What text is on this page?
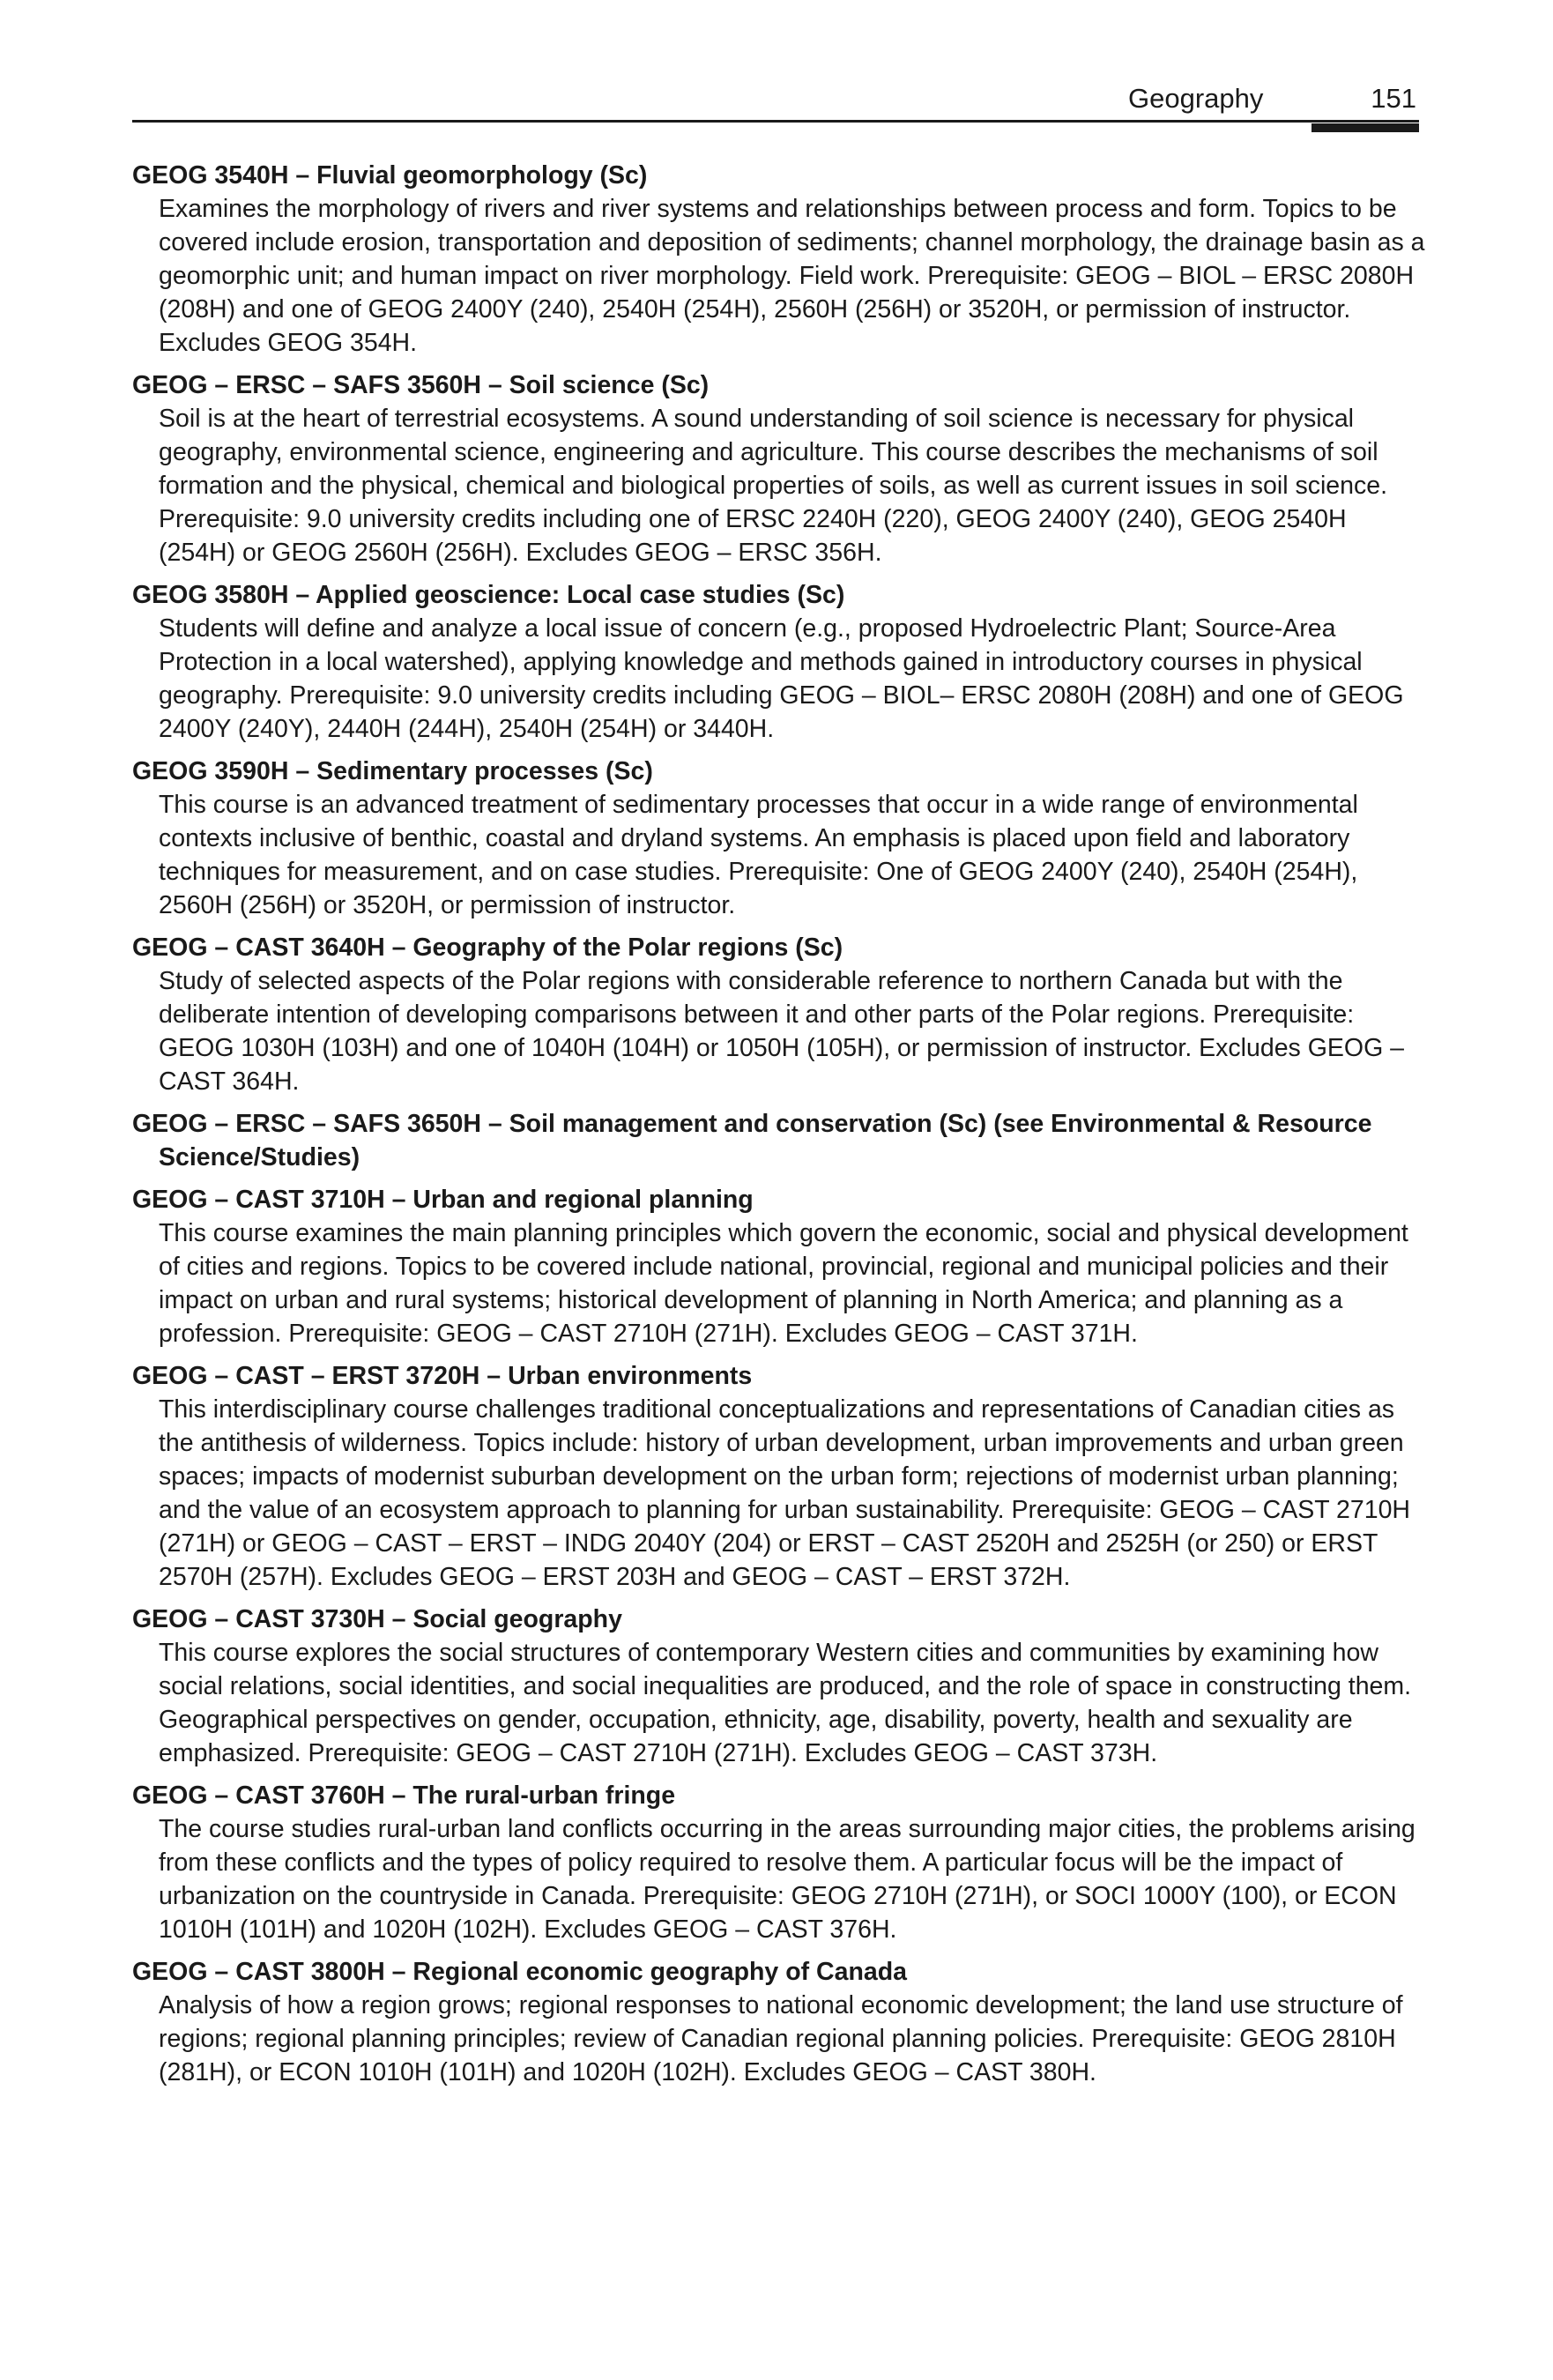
Geography	151

GEOG 3540H – Fluvial geomorphology (Sc)

Examines the morphology of rivers and river systems and relationships between process and form. Topics to be covered include erosion, transportation and deposition of sediments; channel morphology, the drainage basin as a geomorphic unit; and human impact on river morphology. Field work. Prerequisite: GEOG – BIOL – ERSC 2080H (208H) and one of GEOG 2400Y (240), 2540H (254H), 2560H (256H) or 3520H, or permission of instructor. Excludes GEOG 354H.

GEOG – ERSC – SAFS 3560H – Soil science (Sc)

Soil is at the heart of terrestrial ecosystems. A sound understanding of soil science is necessary for physical geography, environmental science, engineering and agriculture. This course describes the mechanisms of soil formation and the physical, chemical and biological properties of soils, as well as current issues in soil science. Prerequisite: 9.0 university credits including one of ERSC 2240H (220), GEOG 2400Y (240), GEOG 2540H (254H) or GEOG 2560H (256H). Excludes GEOG – ERSC 356H.

GEOG 3580H – Applied geoscience: Local case studies (Sc)

Students will define and analyze a local issue of concern (e.g., proposed Hydroelectric Plant; Source-Area Protection in a local watershed), applying knowledge and methods gained in introductory courses in physical geography. Prerequisite: 9.0 university credits including GEOG – BIOL– ERSC 2080H (208H) and one of GEOG 2400Y (240Y), 2440H (244H), 2540H (254H) or 3440H.

GEOG 3590H – Sedimentary processes (Sc)

This course is an advanced treatment of sedimentary processes that occur in a wide range of environmental contexts inclusive of benthic, coastal and dryland systems. An emphasis is placed upon field and laboratory techniques for measurement, and on case studies. Prerequisite: One of GEOG 2400Y (240), 2540H (254H), 2560H (256H) or 3520H, or permission of instructor.

GEOG – CAST 3640H – Geography of the Polar regions (Sc)

Study of selected aspects of the Polar regions with considerable reference to northern Canada but with the deliberate intention of developing comparisons between it and other parts of the Polar regions. Prerequisite: GEOG 1030H (103H) and one of 1040H (104H) or 1050H (105H), or permission of instructor. Excludes GEOG – CAST 364H.

GEOG – ERSC – SAFS 3650H – Soil management and conservation (Sc) (see Environmental & Resource Science/Studies)

GEOG – CAST 3710H – Urban and regional planning

This course examines the main planning principles which govern the economic, social and physical development of cities and regions. Topics to be covered include national, provincial, regional and municipal policies and their impact on urban and rural systems; historical development of planning in North America; and planning as a profession. Prerequisite: GEOG – CAST 2710H (271H). Excludes GEOG – CAST 371H.

GEOG – CAST – ERST 3720H – Urban environments

This interdisciplinary course challenges traditional conceptualizations and representations of Canadian cities as the antithesis of wilderness. Topics include: history of urban development, urban improvements and urban green spaces; impacts of modernist suburban development on the urban form; rejections of modernist urban planning; and the value of an ecosystem approach to planning for urban sustainability. Prerequisite: GEOG – CAST 2710H (271H) or GEOG – CAST – ERST – INDG 2040Y (204) or ERST – CAST 2520H and 2525H (or 250) or ERST 2570H (257H). Excludes GEOG – ERST 203H and GEOG – CAST – ERST 372H.

GEOG – CAST 3730H – Social geography

This course explores the social structures of contemporary Western cities and communities by examining how social relations, social identities, and social inequalities are produced, and the role of space in constructing them. Geographical perspectives on gender, occupation, ethnicity, age, disability, poverty, health and sexuality are emphasized. Prerequisite: GEOG – CAST 2710H (271H). Excludes GEOG – CAST 373H.

GEOG – CAST 3760H – The rural-urban fringe

The course studies rural-urban land conflicts occurring in the areas surrounding major cities, the problems arising from these conflicts and the types of policy required to resolve them. A particular focus will be the impact of urbanization on the countryside in Canada. Prerequisite: GEOG 2710H (271H), or SOCI 1000Y (100), or ECON 1010H (101H) and 1020H (102H). Excludes GEOG – CAST 376H.

GEOG – CAST 3800H – Regional economic geography of Canada

Analysis of how a region grows; regional responses to national economic development; the land use structure of regions; regional planning principles; review of Canadian regional planning policies. Prerequisite: GEOG 2810H (281H), or ECON 1010H (101H) and 1020H (102H). Excludes GEOG – CAST 380H.
